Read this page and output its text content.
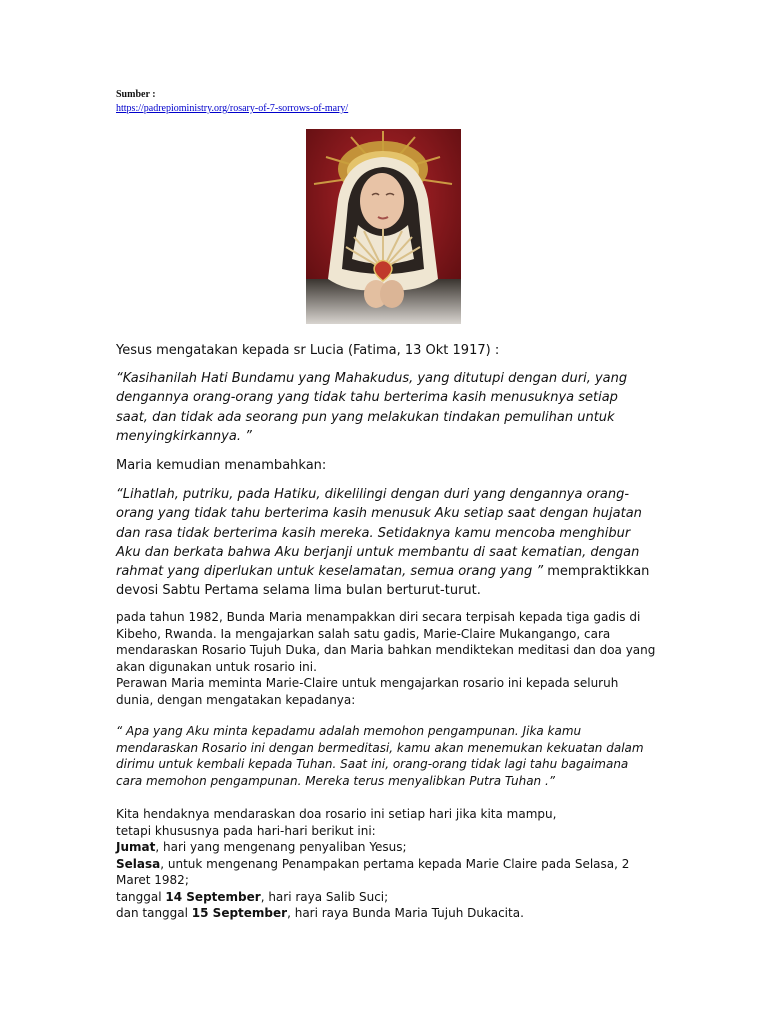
Sumber :

https://padrepioministry.org/rosary-of-7-sorrows-of-mary/

Yesus mengatakan kepada sr Lucia (Fatima, 13 Okt 1917) :

“Kasihanilah Hati Bundamu yang Mahakudus, yang ditutupi dengan duri, yang dengannya orang-orang yang tidak tahu berterima kasih menusuknya setiap saat, dan tidak ada seorang pun yang melakukan tindakan pemulihan untuk menyingkirkannya. ”

Maria kemudian menambahkan:

“Lihatlah, putriku, pada Hatiku, dikelilingi dengan duri yang dengannya orang-orang yang tidak tahu berterima kasih menusuk Aku setiap saat dengan hujatan dan rasa tidak berterima kasih mereka. Setidaknya kamu mencoba menghibur Aku dan berkata bahwa Aku berjanji untuk membantu di saat kematian, dengan rahmat yang diperlukan untuk keselamatan, semua orang yang ” mempraktikkan devosi Sabtu Pertama selama lima bulan berturut-turut.

pada tahun 1982, Bunda Maria menampakkan diri secara terpisah kepada tiga gadis di Kibeho, Rwanda. Ia mengajarkan salah satu gadis, Marie-Claire Mukangango, cara mendaraskan Rosario Tujuh Duka, dan Maria bahkan mendiktekan meditasi dan doa yang akan digunakan untuk rosario ini.
Perawan Maria meminta Marie-Claire untuk mengajarkan rosario ini kepada seluruh dunia, dengan mengatakan kepadanya:

“ Apa yang Aku minta kepadamu adalah memohon pengampunan. Jika kamu mendaraskan Rosario ini dengan bermeditasi, kamu akan menemukan kekuatan dalam dirimu untuk kembali kepada Tuhan. Saat ini, orang-orang tidak lagi tahu bagaimana cara memohon pengampunan. Mereka terus menyalibkan Putra Tuhan .”

Kita hendaknya mendaraskan doa rosario ini setiap hari jika kita mampu,
tetapi khususnya pada hari-hari berikut ini:
Jumat, hari yang mengenang penyaliban Yesus;
Selasa, untuk mengenang Penampakan pertama kepada Marie Claire pada Selasa, 2 Maret 1982;
tanggal 14 September, hari raya Salib Suci;
dan tanggal 15 September, hari raya Bunda Maria Tujuh Dukacita.
